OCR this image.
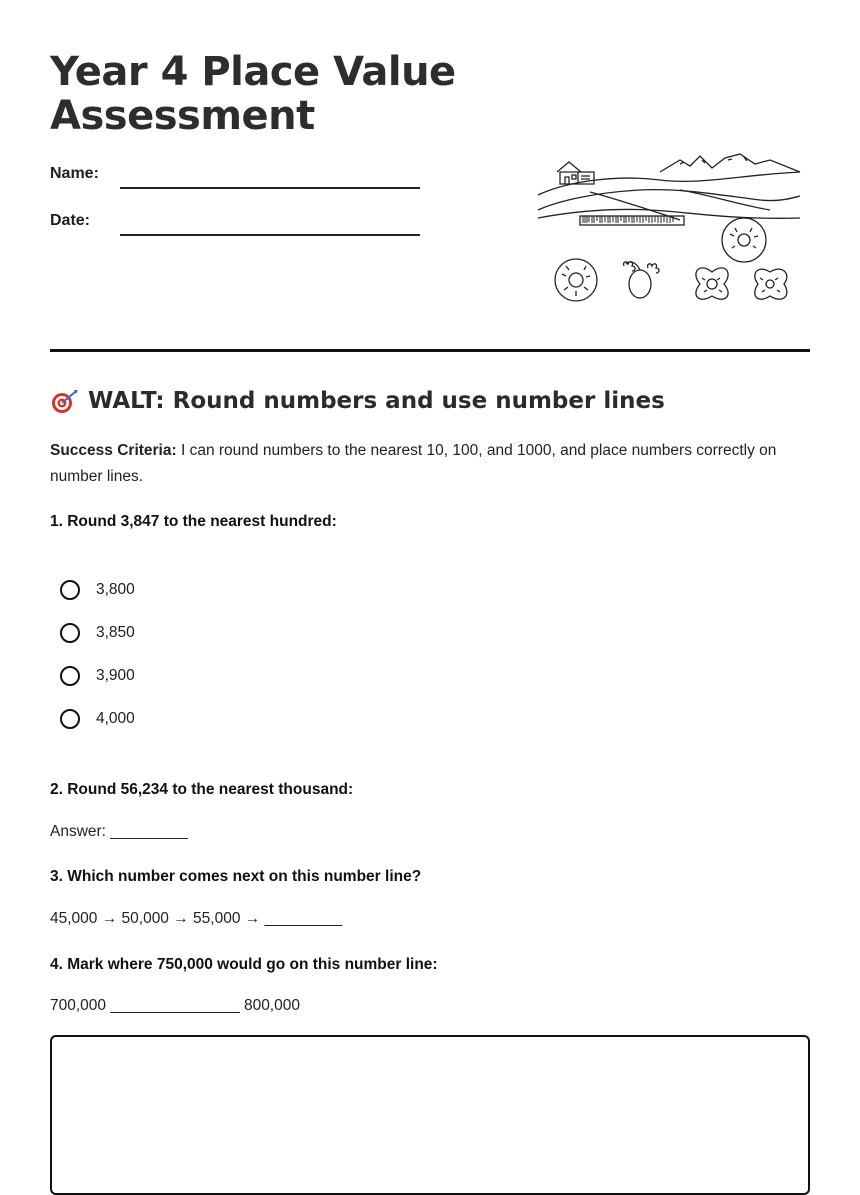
Year 4 Place Value
Assessment
Name:
Date:
WALT: Round numbers and use number lines
Success Criteria: I can round numbers to the nearest 10, 100, and 1000, and place numbers correctly on number lines.
1. Round 3,847 to the nearest hundred:
3,800
3,850
3,900
4,000
2. Round 56,234 to the nearest thousand:
Answer: _________
3. Which number comes next on this number line?
45,000 → 50,000 → 55,000 → _________
4. Mark where 750,000 would go on this number line:
700,000 _______________ 800,000
